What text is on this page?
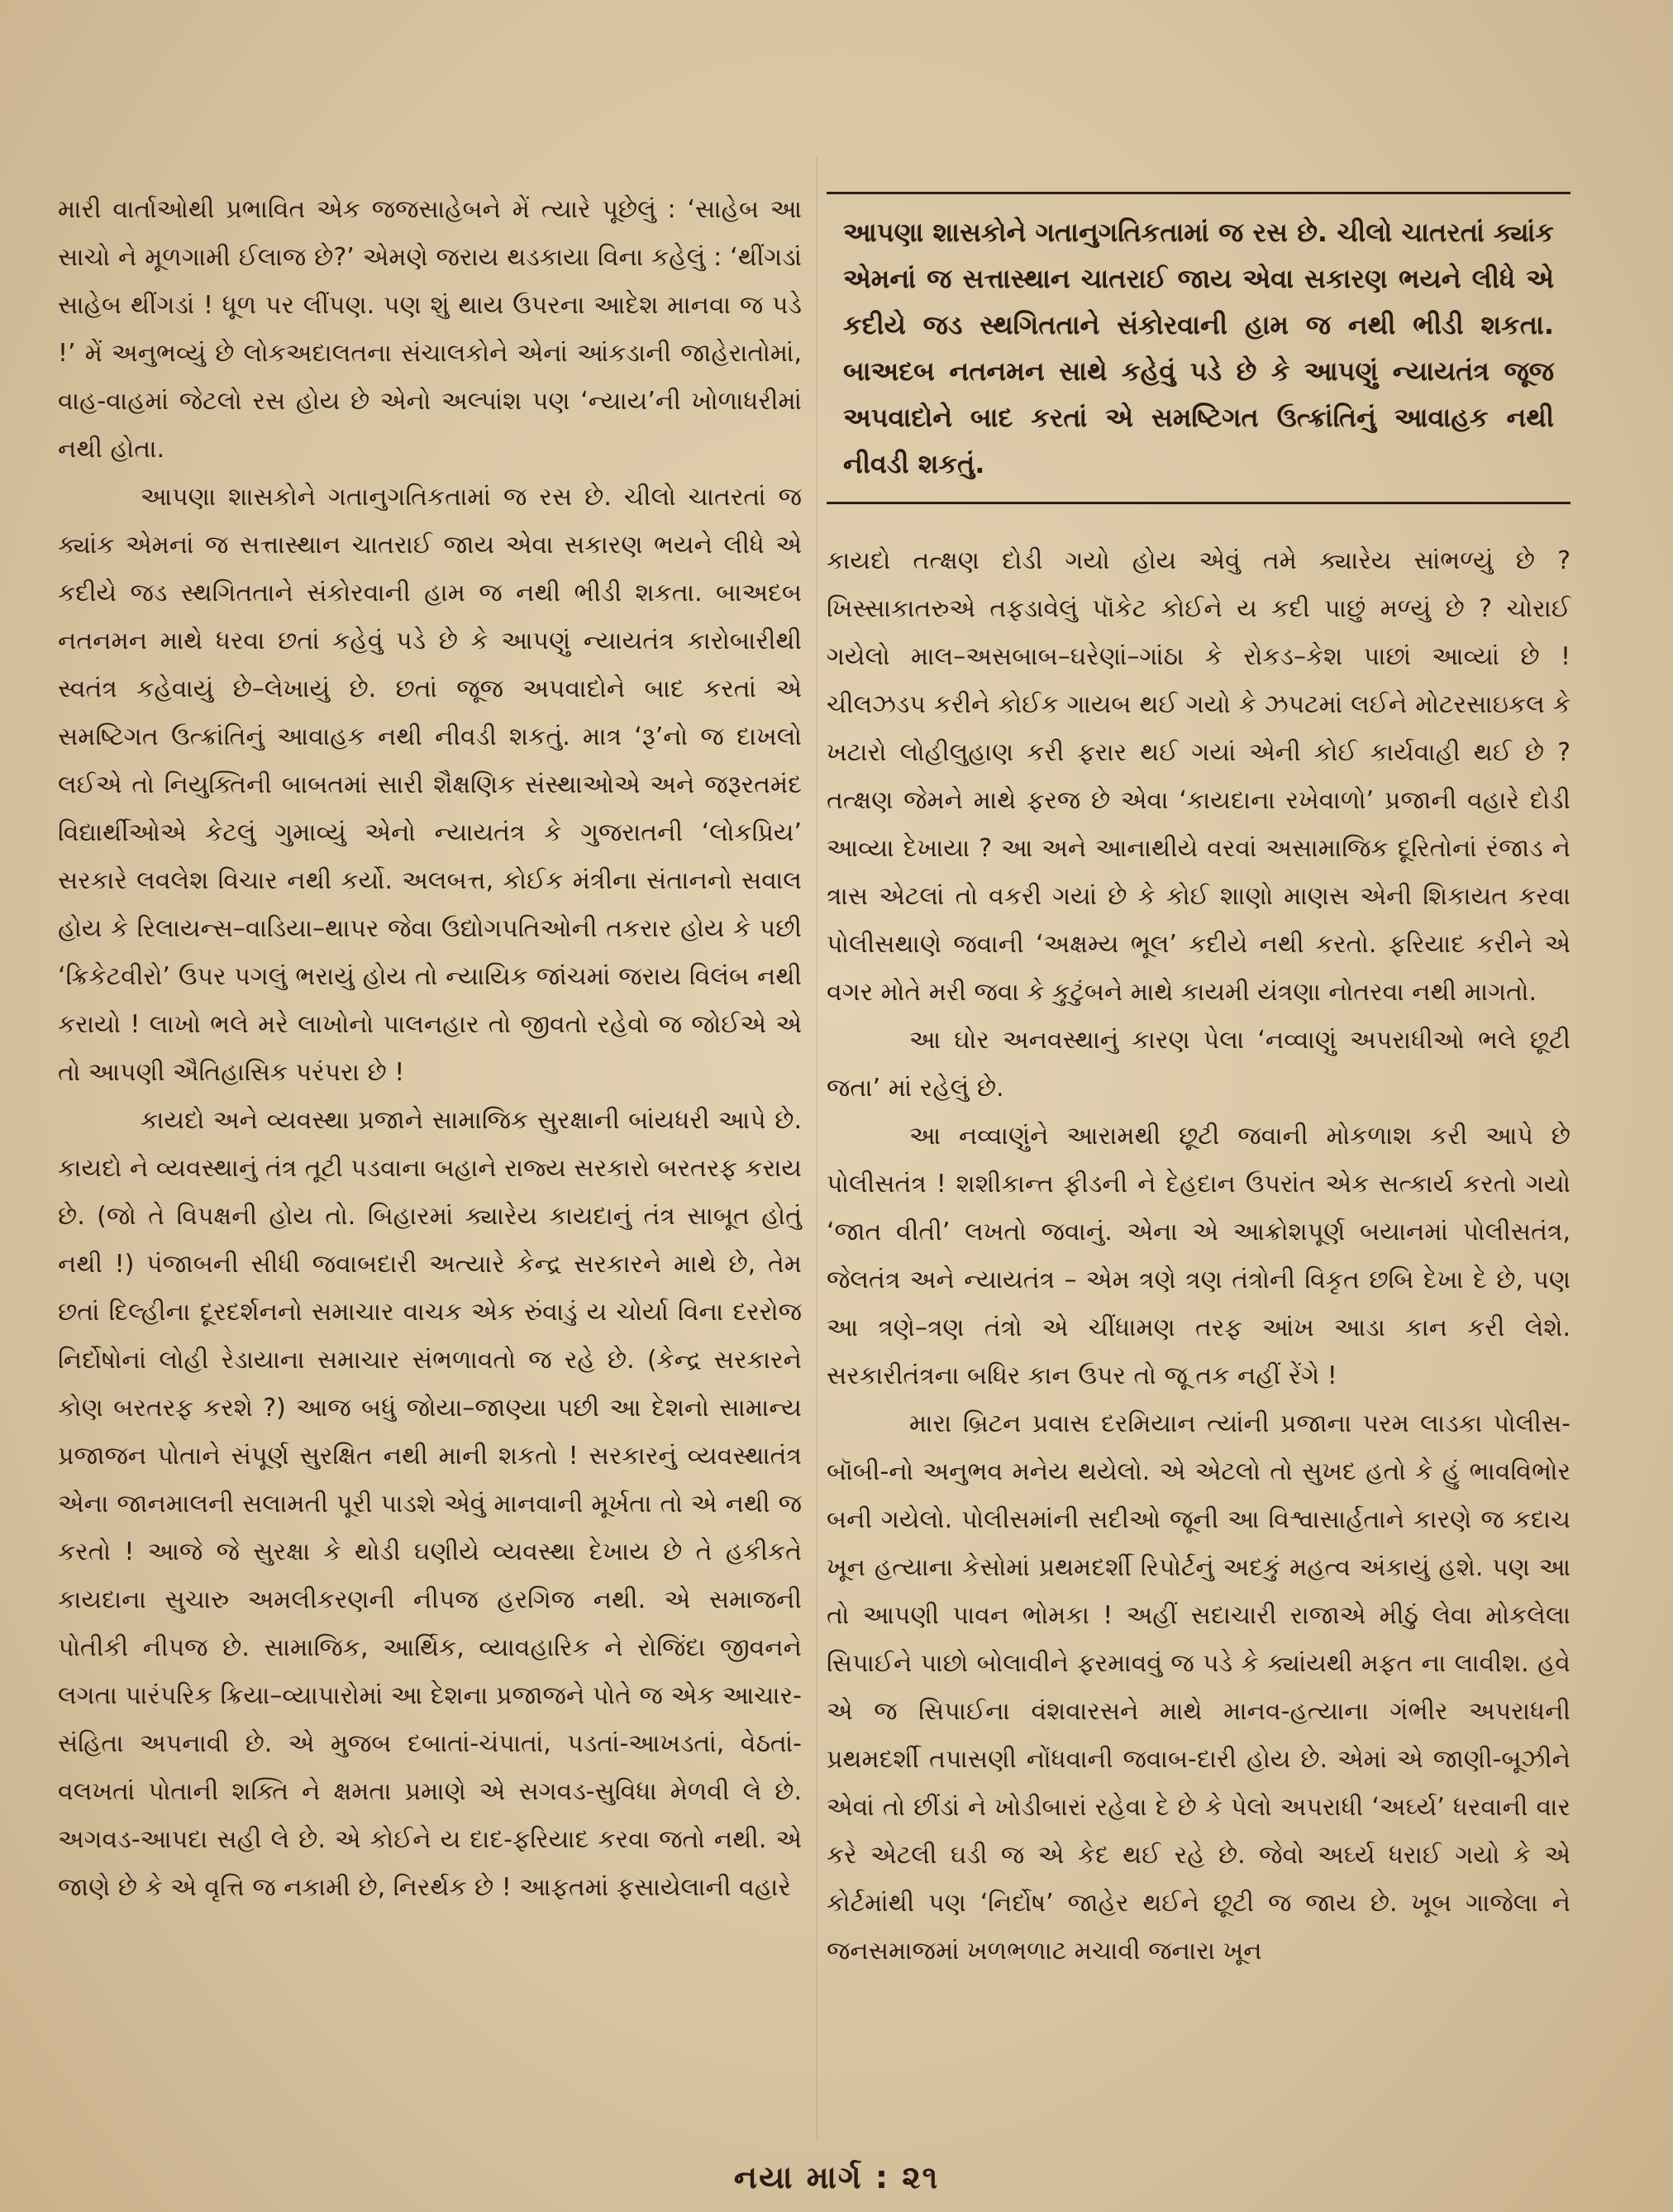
મારી વાર્તાઓથી પ્રભાવિત એક જજસાહેબને મેં ત્યારે પૂછેલું : ‘સાહેબ આ સાચો ને મૂળગામી ઈલાજ છે?’ એમણે જરાય થડકાયા વિના કહેલું : ‘થીંગડાં સાહેબ થીંગડાં ! ધૂળ પર લીંપણ. પણ શું થાય ઉપરના આદેશ માનવા જ પડે !’ મેં અનુભવ્યું છે લોકઅદાલતના સંચાલકોને એનાં આંકડાની જાહેરાતોમાં, વાહ-વાહમાં જેટલો રસ હોય છે એનો અલ્પાંશ પણ ‘ન્યાય’ની ખોળાધરીમાં નથી હોતા.

આપણા શાસકોને ગતાનુગતિકતામાં જ રસ છે. ચીલો ચાતરતાં જ ક્યાંક એમનાં જ સત્તાસ્થાન ચાતરાઈ જાય એવા સકારણ ભયને લીધે એ કદીયે જડ સ્થગિતતાને સંકોરવાની હામ જ નથી ભીડી શકતા. બાઅદબ નતનમન માથે ધરવા છતાં કહેવું પડે છે કે આપણું ન્યાયતંત્ર કારોબારીથી સ્વતંત્ર કહેવાયું છે–લેખાયું છે. છતાં જૂજ અપવાદોને બાદ કરતાં એ સમષ્ટિગત ઉત્ક્રાંતિનું આવાહક નથી નીવડી શકતું. માત્ર ‘રૂ’નો જ દાખલો લઈએ તો નિયુક્તિની બાબતમાં સારી શૈક્ષણિક સંસ્થાઓએ અને જરૂરતમંદ વિદ્યાર્થીઓએ કેટલું ગુમાવ્યું એનો ન્યાયતંત્ર કે ગુજરાતની ‘લોકપ્રિય’ સરકારે લવલેશ વિચાર નથી કર્યો. અલબત્ત, કોઈક મંત્રીના સંતાનનો સવાલ હોય કે રિલાયન્સ–વાડિયા–થાપર જેવા ઉદ્યોગપતિઓની તકરાર હોય કે પછી ‘ક્રિકેટવીરો’ ઉપર પગલું ભરાયું હોય તો ન્યાયિક જાંચમાં જરાય વિલંબ નથી કરાયો ! લાખો ભલે મરે લાખોનો પાલનહાર તો જીવતો રહેવો જ જોઈએ એ તો આપણી ઐતિહાસિક પરંપરા છે !

કાયદો અને વ્યવસ્થા પ્રજાને સામાજિક સુરક્ષાની બાંયધરી આપે છે. કાયદો ને વ્યવસ્થાનું તંત્ર તૂટી પડવાના બહાને રાજ્ય સરકારો બરતરફ કરાય છે. (જો તે વિપક્ષની હોય તો. બિહારમાં ક્યારેય કાયદાનું તંત્ર સાબૂત હોતું નથી !) પંજાબની સીધી જવાબદારી અત્યારે કેન્દ્ર સરકારને માથે છે, તેમ છતાં દિલ્હીના દૂરદર્શનનો સમાચાર વાચક એક રુંવાડું ય ચોર્યા વિના દરરોજ નિર્દોષોનાં લોહી રેડાયાના સમાચાર સંભળાવતો જ રહે છે. (કેન્દ્ર સરકારને કોણ બરતરફ કરશે ?) આજ બધું જોયા–જાણ્યા પછી આ દેશનો સામાન્ય પ્રજાજન પોતાને સંપૂર્ણ સુરક્ષિત નથી માની શકતો ! સરકારનું વ્યવસ્થાતંત્ર એના જાનમાલની સલામતી પૂરી પાડશે એવું માનવાની મૂર્ખતા તો એ નથી જ કરતો ! આજે જે સુરક્ષા કે થોડી ઘણીયે વ્યવસ્થા દેખાય છે તે હકીકતે કાયદાના સુચારુ અમલીકરણની નીપજ હરગિજ નથી. એ સમાજની પોતીકી નીપજ છે. સામાજિક, આર્થિક, વ્યાવહારિક ને રોજિંદા જીવનને લગતા પારંપરિક ક્રિયા–વ્યાપારોમાં આ દેશના પ્રજાજને પોતે જ એક આચાર-સંહિતા અપનાવી છે. એ મુજબ દબાતાં-ચંપાતાં, પડતાં-આખડતાં, વેઠતાં-વલખતાં પોતાની શક્તિ ને ક્ષમતા પ્રમાણે એ સગવડ-સુવિધા મેળવી લે છે. અગવડ-આપદા સહી લે છે. એ કોઈને ય દાદ-ફરિયાદ કરવા જતો નથી. એ જાણે છે કે એ વૃત્તિ જ નકામી છે, નિરર્થક છે ! આફતમાં ફસાયેલાની વહારે

આપણા શાસકોને ગતાનુગતિકતામાં જ રસ છે. ચીલો ચાતરતાં ક્યાંક એમનાં જ સત્તાસ્થાન ચાતરાઈ જાય એવા સકારણ ભયને લીધે એ કદીયે જડ સ્થગિતતાને સંકોરવાની હામ જ નથી ભીડી શકતા. બાઅદબ નતનમન સાથે કહેવું પડે છે કે આપણું ન્યાયતંત્ર જૂજ અપવાદોને બાદ કરતાં એ સમષ્ટિગત ઉત્ક્રાંતિનું આવાહક નથી નીવડી શકતું.

કાયદો તત્ક્ષણ દોડી ગયો હોય એવું તમે ક્યારેય સાંભળ્યું છે ? ખિસ્સાકાતરુએ તફડાવેલું પૉકેટ કોઈને ય કદી પાછું મળ્યું છે ? ચોરાઈ ગયેલો માલ–અસબાબ–ઘરેણાં–ગાંઠા કે રોકડ–કેશ પાછાં આવ્યાં છે ! ચીલઝડપ કરીને કોઈક ગાયબ થઈ ગયો કે ઝપટમાં લઈને મોટરસાઇકલ કે ખટારો લોહીલુહાણ કરી ફરાર થઈ ગયાં એની કોઈ કાર્યવાહી થઈ છે ? તત્ક્ષણ જેમને માથે ફરજ છે એવા ‘કાયદાના રખેવાળો’ પ્રજાની વહારે દોડી આવ્યા દેખાયા ? આ અને આનાથીયે વરવાં અસામાજિક દૂરિતોનાં રંજાડ ને ત્રાસ એટલાં તો વકરી ગયાં છે કે કોઈ શાણો માણસ એની શિકાયત કરવા પોલીસથાણે જવાની ‘અક્ષમ્ય ભૂલ’ કદીયે નથી કરતો. ફરિયાદ કરીને એ વગર મોતે મરી જવા કે કુટુંબને માથે કાયમી યંત્રણા નોતરવા નથી માગતો.

આ ઘોર અનવસ્થાનું કારણ પેલા ‘નવ્વાણું અપરાધીઓ ભલે છૂટી જતા’ માં રહેલું છે.

આ નવ્વાણુંને આરામથી છૂટી જવાની મોકળાશ કરી આપે છે પોલીસતંત્ર ! શશીકાન્ત ફીડની ને દેહદાન ઉપરાંત એક સત્કાર્ય કરતો ગયો ‘જાત વીતી’ લખતો જવાનું. એના એ આક્રોશપૂર્ણ બયાનમાં પોલીસતંત્ર, જેલતંત્ર અને ન્યાયતંત્ર – એમ ત્રણે ત્રણ તંત્રોની વિકૃત છબિ દેખા દે છે, પણ આ ત્રણે–ત્રણ તંત્રો એ ચીંધામણ તરફ આંખ આડા કાન કરી લેશે. સરકારીતંત્રના બધિર કાન ઉપર તો જૂ તક નહીં રેંગે !

મારા બ્રિટન પ્રવાસ દરમિયાન ત્યાંની પ્રજાના પરમ લાડકા પોલીસ-બૉબી-નો અનુભવ મનેય થયેલો. એ એટલો તો સુખદ હતો કે હું ભાવવિભોર બની ગયેલો. પોલીસમાંની સદીઓ જૂની આ વિશ્વાસાર્હતાને કારણે જ કદાચ ખૂન હત્યાના કેસોમાં પ્રથમદર્શી રિપોર્ટનું અદકું મહત્વ અંકાયું હશે. પણ આ તો આપણી પાવન ભોમકા ! અહીં સદાચારી રાજાએ મીઠું લેવા મોકલેલા સિપાઈને પાછો બોલાવીને ફરમાવવું જ પડે કે ક્યાંયથી મફત ના લાવીશ. હવે એ જ સિપાઈના વંશવારસને માથે માનવ-હત્યાના ગંભીર અપરાધની પ્રથમદર્શી તપાસણી નોંધવાની જવાબ-દારી હોય છે. એમાં એ જાણી-બૂઝીને એવાં તો છીંડાં ને ખોડીબારાં રહેવા દે છે કે પેલો અપરાધી ‘અર્ઘ્ય’ ધરવાની વાર કરે એટલી ઘડી જ એ કેદ થઈ રહે છે. જેવો અર્ઘ્ય ધરાઈ ગયો કે એ કોર્ટમાંથી પણ ‘નિર્દોષ’ જાહેર થઈને છૂટી જ જાય છે. ખૂબ ગાજેલા ને જનસમાજમાં ખળભળાટ મચાવી જનારા ખૂન

નયા માર્ગ : ૨૧
